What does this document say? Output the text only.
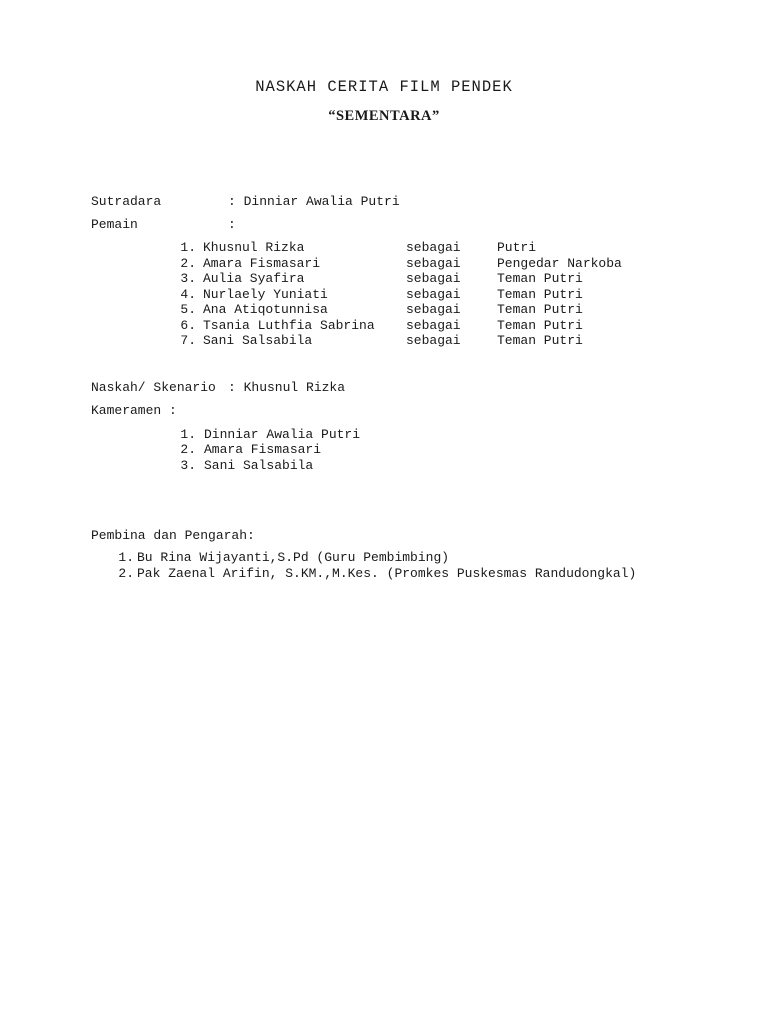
NASKAH CERITA FILM PENDEK
“SEMENTARA”
Sutradara	: Dinniar Awalia Putri
Pemain	:
1. Khusnul Rizka	sebagai	Putri
2. Amara Fismasari	sebagai	Pengedar Narkoba
3. Aulia Syafira	sebagai	Teman Putri
4. Nurlaely Yuniati	sebagai	Teman Putri
5. Ana Atiqotunnisa	sebagai	Teman Putri
6. Tsania Luthfia Sabrina sebagai	Teman Putri
7. Sani Salsabila	sebagai	Teman Putri
Naskah/ Skenario : Khusnul Rizka
Kameramen :
1. Dinniar Awalia Putri
2. Amara Fismasari
3. Sani Salsabila
Pembina dan Pengarah:
1. Bu Rina Wijayanti,S.Pd (Guru Pembimbing)
2. Pak Zaenal Arifin, S.KM.,M.Kes. (Promkes Puskesmas Randudongkal)
